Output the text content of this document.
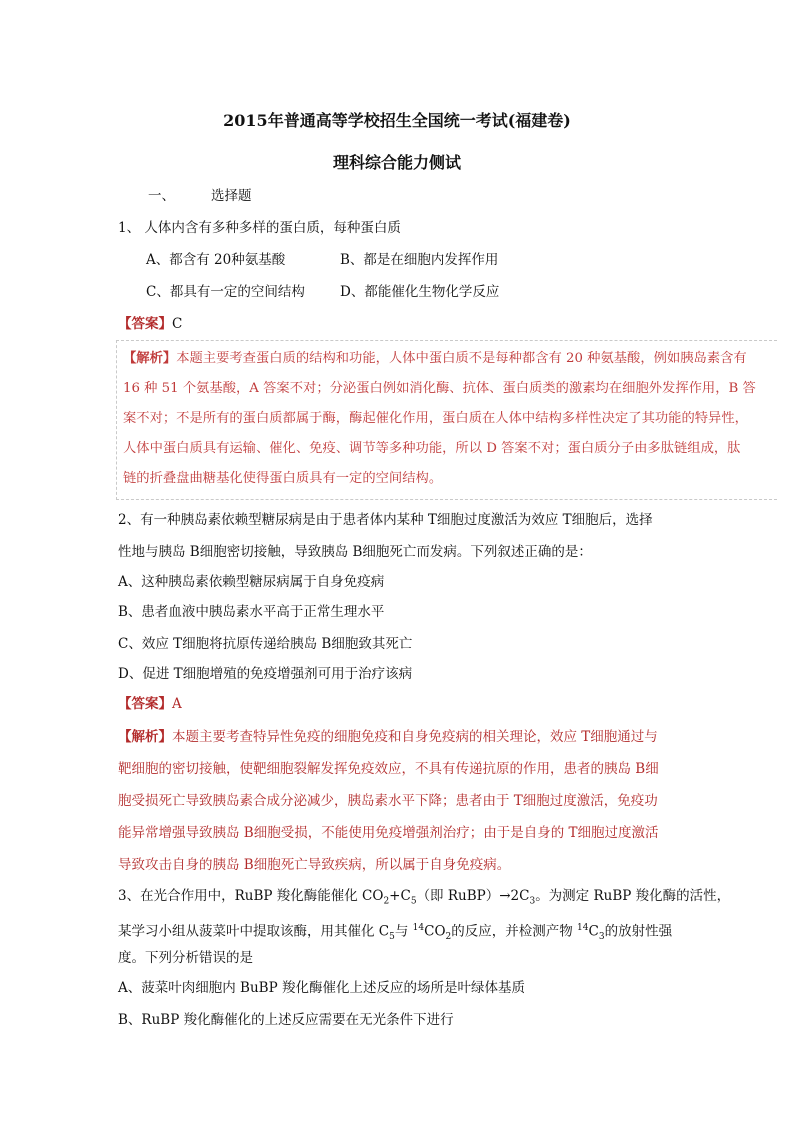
2015年普通高等学校招生全国统一考试(福建卷)
理科综合能力侧试
一、	选择题
1、 人体内含有多种多样的蛋白质，每种蛋白质
A、都含有 20种氨基酸	B、都是在细胞内发挥作用
C、都具有一定的空间结构	D、都能催化生物化学反应
【答案】C
【解析】本题主要考查蛋白质的结构和功能，人体中蛋白质不是每种都含有 20 种氨基酸，例如胰岛素含有
16 种 51 个氨基酸，A 答案不对；分泌蛋白例如消化酶、抗体、蛋白质类的激素均在细胞外发挥作用，B 答
案不对；不是所有的蛋白质都属于酶，酶起催化作用，蛋白质在人体中结构多样性决定了其功能的特异性，
人体中蛋白质具有运输、催化、免疫、调节等多种功能，所以 D 答案不对；蛋白质分子由多肽链组成，肽
链的折叠盘曲糖基化使得蛋白质具有一定的空间结构。
2、有一种胰岛素依赖型糖尿病是由于患者体内某种 T细胞过度激活为效应 T细胞后，选择
性地与胰岛 B细胞密切接触，导致胰岛 B细胞死亡而发病。下列叙述正确的是：
A、这种胰岛素依赖型糖尿病属于自身免疫病
B、患者血液中胰岛素水平高于正常生理水平
C、效应 T细胞将抗原传递给胰岛 B细胞致其死亡
D、促进 T细胞增殖的免疫增强剂可用于治疗该病
【答案】A
【解析】本题主要考查特异性免疫的细胞免疫和自身免疫病的相关理论，效应 T细胞通过与
靶细胞的密切接触，使靶细胞裂解发挥免疫效应，不具有传递抗原的作用，患者的胰岛 B细
胞受损死亡导致胰岛素合成分泌减少，胰岛素水平下降；患者由于 T细胞过度激活，免疫功
能异常增强导致胰岛 B细胞受损，不能使用免疫增强剂治疗；由于是自身的 T细胞过度激活
导致攻击自身的胰岛 B细胞死亡导致疾病，所以属于自身免疫病。
3、在光合作用中，RuBP 羧化酶能催化 $CO_2+C_5$（即 $RuBP)\to 2C_3$。为测定 RuBP 羧化酶的活性，
某学习小组从菠菜叶中提取该酶，用其催化 $C_5$与 $^{14}CO_2$的反应，并检测产物 $^{14}C_3$的放射性强
度。下列分析错误的是
A、菠菜叶肉细胞内 BuBP 羧化酶催化上述反应的场所是叶绿体基质
B、RuBP 羧化酶催化的上述反应需要在无光条件下进行
